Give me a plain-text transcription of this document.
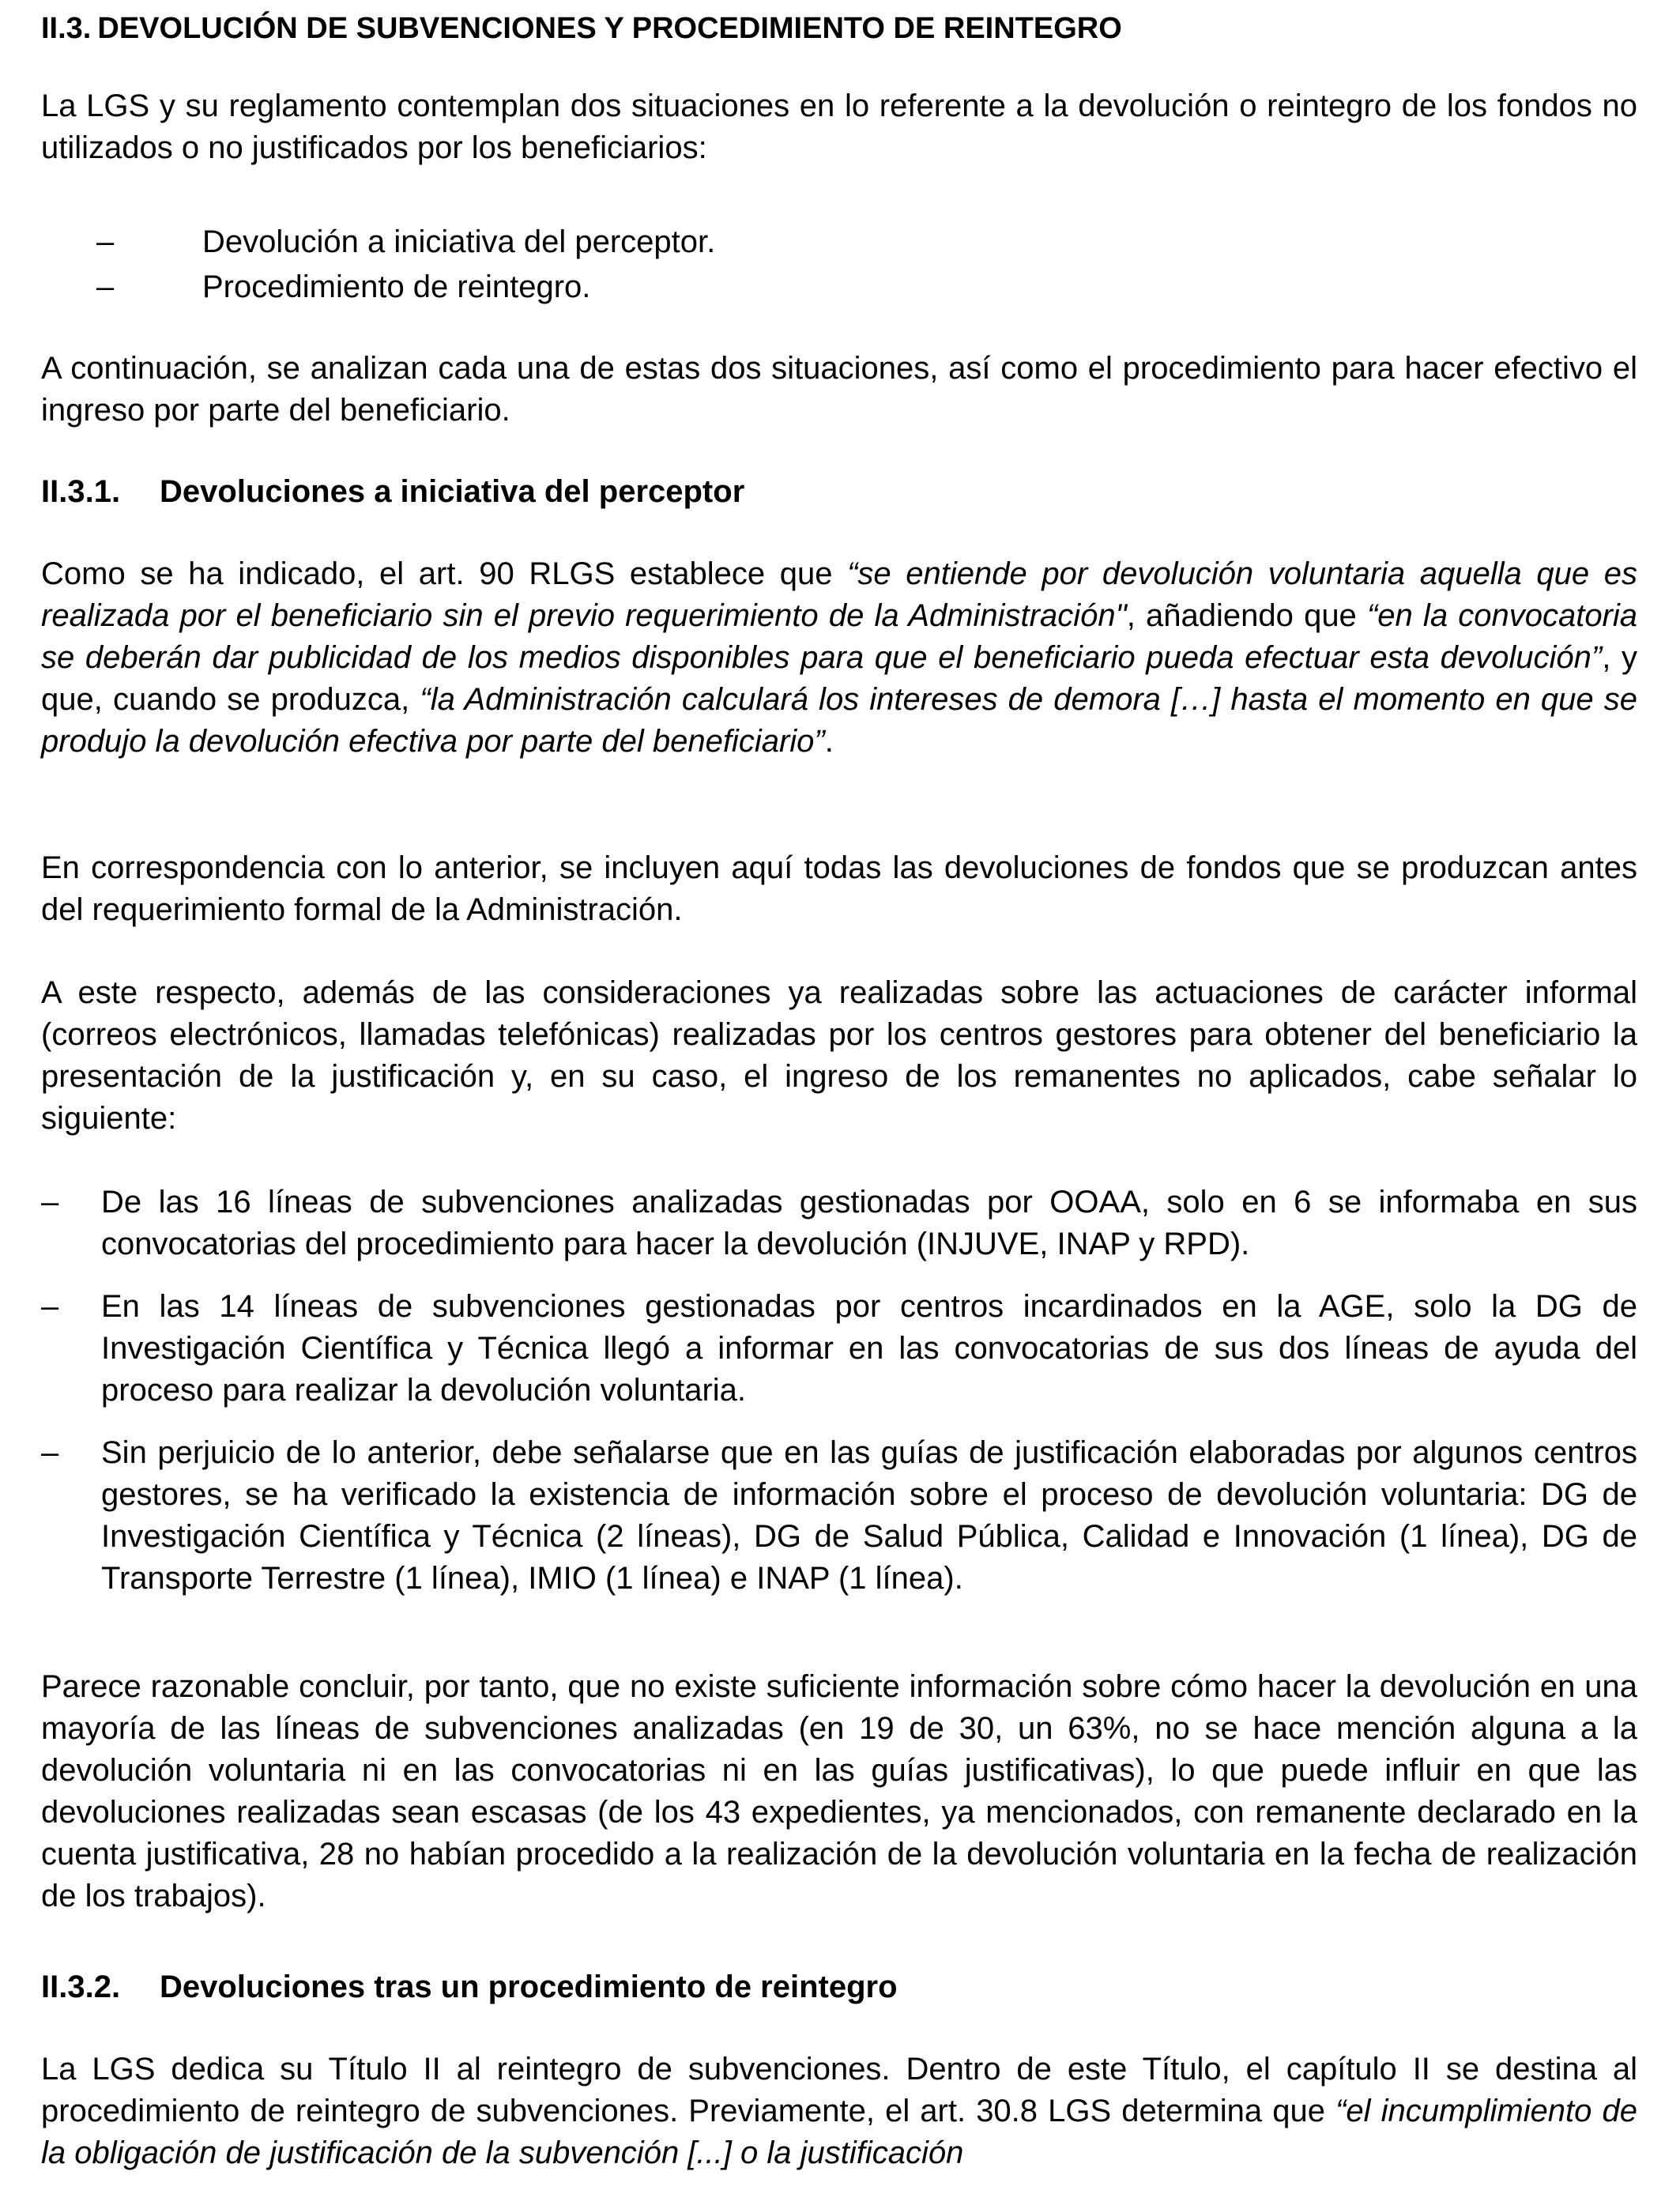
II.3. DEVOLUCIÓN DE SUBVENCIONES Y PROCEDIMIENTO DE REINTEGRO

La LGS y su reglamento contemplan dos situaciones en lo referente a la devolución o reintegro de los fondos no utilizados o no justificados por los beneficiarios:

–	Devolución a iniciativa del perceptor.
–	Procedimiento de reintegro.

A continuación, se analizan cada una de estas dos situaciones, así como el procedimiento para hacer efectivo el ingreso por parte del beneficiario.

II.3.1. Devoluciones a iniciativa del perceptor

Como se ha indicado, el art. 90 RLGS establece que “se entiende por devolución voluntaria aquella que es realizada por el beneficiario sin el previo requerimiento de la Administración", añadiendo que “en la convocatoria se deberán dar publicidad de los medios disponibles para que el beneficiario pueda efectuar esta devolución”, y que, cuando se produzca, “la Administración calculará los intereses de demora […] hasta el momento en que se produjo la devolución efectiva por parte del beneficiario”.

En correspondencia con lo anterior, se incluyen aquí todas las devoluciones de fondos que se produzcan antes del requerimiento formal de la Administración.

A este respecto, además de las consideraciones ya realizadas sobre las actuaciones de carácter informal (correos electrónicos, llamadas telefónicas) realizadas por los centros gestores para obtener del beneficiario la presentación de la justificación y, en su caso, el ingreso de los remanentes no aplicados, cabe señalar lo siguiente:

– De las 16 líneas de subvenciones analizadas gestionadas por OOAA, solo en 6 se informaba en sus convocatorias del procedimiento para hacer la devolución (INJUVE, INAP y RPD).
– En las 14 líneas de subvenciones gestionadas por centros incardinados en la AGE, solo la DG de Investigación Científica y Técnica llegó a informar en las convocatorias de sus dos líneas de ayuda del proceso para realizar la devolución voluntaria.
– Sin perjuicio de lo anterior, debe señalarse que en las guías de justificación elaboradas por algunos centros gestores, se ha verificado la existencia de información sobre el proceso de devolución voluntaria: DG de Investigación Científica y Técnica (2 líneas), DG de Salud Pública, Calidad e Innovación (1 línea), DG de Transporte Terrestre (1 línea), IMIO (1 línea) e INAP (1 línea).

Parece razonable concluir, por tanto, que no existe suficiente información sobre cómo hacer la devolución en una mayoría de las líneas de subvenciones analizadas (en 19 de 30, un 63%, no se hace mención alguna a la devolución voluntaria ni en las convocatorias ni en las guías justificativas), lo que puede influir en que las devoluciones realizadas sean escasas (de los 43 expedientes, ya mencionados, con remanente declarado en la cuenta justificativa, 28 no habían procedido a la realización de la devolución voluntaria en la fecha de realización de los trabajos).

II.3.2. Devoluciones tras un procedimiento de reintegro

La LGS dedica su Título II al reintegro de subvenciones. Dentro de este Título, el capítulo II se destina al procedimiento de reintegro de subvenciones. Previamente, el art. 30.8 LGS determina que “el incumplimiento de la obligación de justificación de la subvención [...] o la justificación
